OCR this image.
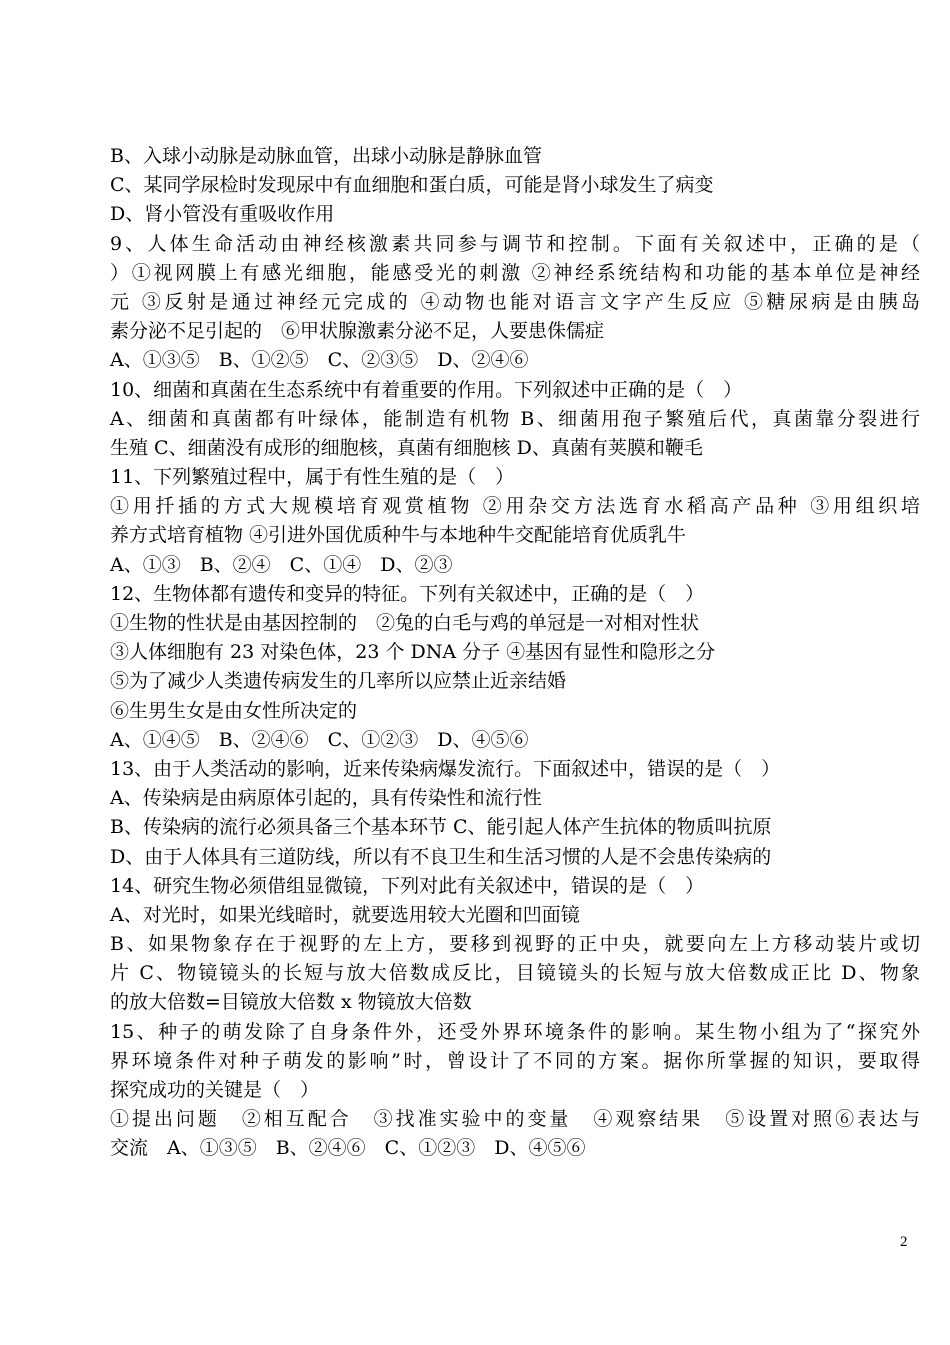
B、入球小动脉是动脉血管，出球小动脉是静脉血管
C、某同学尿检时发现尿中有血细胞和蛋白质，可能是肾小球发生了病变
D、肾小管没有重吸收作用
9、人体生命活动由神经核激素共同参与调节和控制。下面有关叙述中，正确的是（
）①视网膜上有感光细胞，能感受光的刺激 ②神经系统结构和功能的基本单位是神经
元 ③反射是通过神经元完成的 ④动物也能对语言文字产生反应 ⑤糖尿病是由胰岛
素分泌不足引起的　⑥甲状腺激素分泌不足，人要患侏儒症
A、①③⑤　B、①②⑤　C、②③⑤　D、②④⑥
10、细菌和真菌在生态系统中有着重要的作用。下列叙述中正确的是（　）
A、细菌和真菌都有叶绿体，能制造有机物 B、细菌用孢子繁殖后代，真菌靠分裂进行
生殖 C、细菌没有成形的细胞核，真菌有细胞核 D、真菌有荚膜和鞭毛
11、下列繁殖过程中，属于有性生殖的是（　）
①用扦插的方式大规模培育观赏植物 ②用杂交方法选育水稻高产品种 ③用组织培
养方式培育植物 ④引进外国优质种牛与本地种牛交配能培育优质乳牛
A、①③　B、②④　C、①④　D、②③
12、生物体都有遗传和变异的特征。下列有关叙述中，正确的是（　）
①生物的性状是由基因控制的　②兔的白毛与鸡的单冠是一对相对性状
③人体细胞有 23 对染色体，23 个 DNA 分子 ④基因有显性和隐形之分
⑤为了减少人类遗传病发生的几率所以应禁止近亲结婚
⑥生男生女是由女性所决定的
A、①④⑤　B、②④⑥　C、①②③　D、④⑤⑥
13、由于人类活动的影响，近来传染病爆发流行。下面叙述中，错误的是（　）
A、传染病是由病原体引起的，具有传染性和流行性
B、传染病的流行必须具备三个基本环节 C、能引起人体产生抗体的物质叫抗原
D、由于人体具有三道防线，所以有不良卫生和生活习惯的人是不会患传染病的
14、研究生物必须借组显微镜，下列对此有关叙述中，错误的是（　）
A、对光时，如果光线暗时，就要选用较大光圈和凹面镜
B、如果物象存在于视野的左上方，要移到视野的正中央，就要向左上方移动装片或切
片 C、物镜镜头的长短与放大倍数成反比，目镜镜头的长短与放大倍数成正比 D、物象
的放大倍数=目镜放大倍数 x 物镜放大倍数
15、种子的萌发除了自身条件外，还受外界环境条件的影响。某生物小组为了“探究外
界环境条件对种子萌发的影响”时，曾设计了不同的方案。据你所掌握的知识，要取得
探究成功的关键是（　）
①提出问题　②相互配合　③找准实验中的变量　④观察结果　⑤设置对照⑥表达与
交流　A、①③⑤　B、②④⑥　C、①②③　D、④⑤⑥
2
